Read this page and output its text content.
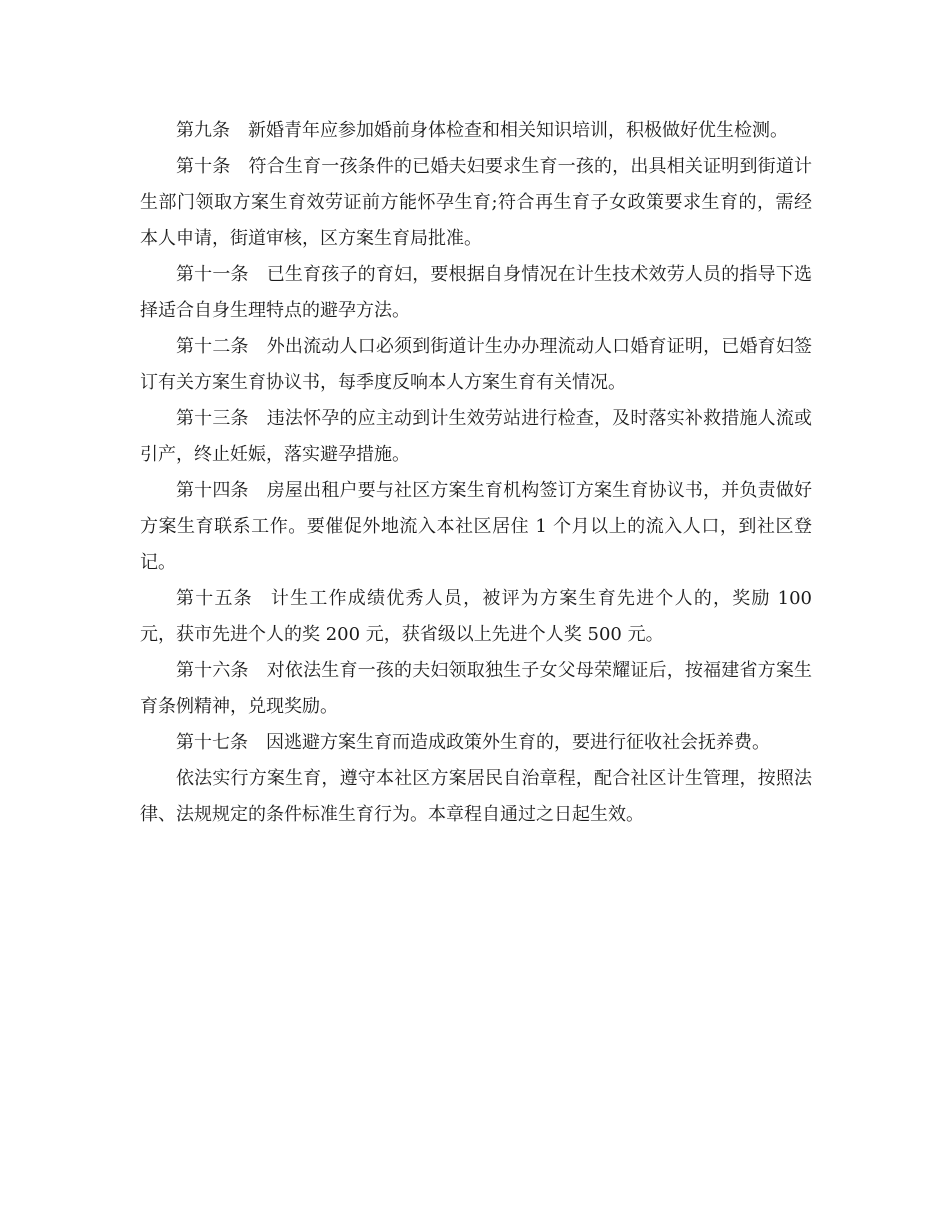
第九条 新婚青年应参加婚前身体检查和相关知识培训，积极做好优生检测。

第十条 符合生育一孩条件的已婚夫妇要求生育一孩的，出具相关证明到街道计生部门领取方案生育效劳证前方能怀孕生育;符合再生育子女政策要求生育的，需经本人申请，街道审核，区方案生育局批准。

第十一条 已生育孩子的育妇，要根据自身情况在计生技术效劳人员的指导下选择适合自身生理特点的避孕方法。

第十二条 外出流动人口必须到街道计生办办理流动人口婚育证明，已婚育妇签订有关方案生育协议书，每季度反响本人方案生育有关情况。

第十三条 违法怀孕的应主动到计生效劳站进行检查，及时落实补救措施人流或引产，终止妊娠，落实避孕措施。

第十四条 房屋出租户要与社区方案生育机构签订方案生育协议书，并负责做好方案生育联系工作。要催促外地流入本社区居住 1 个月以上的流入人口，到社区登记。

第十五条 计生工作成绩优秀人员，被评为方案生育先进个人的，奖励 100 元，获市先进个人的奖 200 元，获省级以上先进个人奖 500 元。

第十六条 对依法生育一孩的夫妇领取独生子女父母荣耀证后，按福建省方案生育条例精神，兑现奖励。

第十七条 因逃避方案生育而造成政策外生育的，要进行征收社会抚养费。

依法实行方案生育，遵守本社区方案居民自治章程，配合社区计生管理，按照法律、法规规定的条件标准生育行为。本章程自通过之日起生效。
